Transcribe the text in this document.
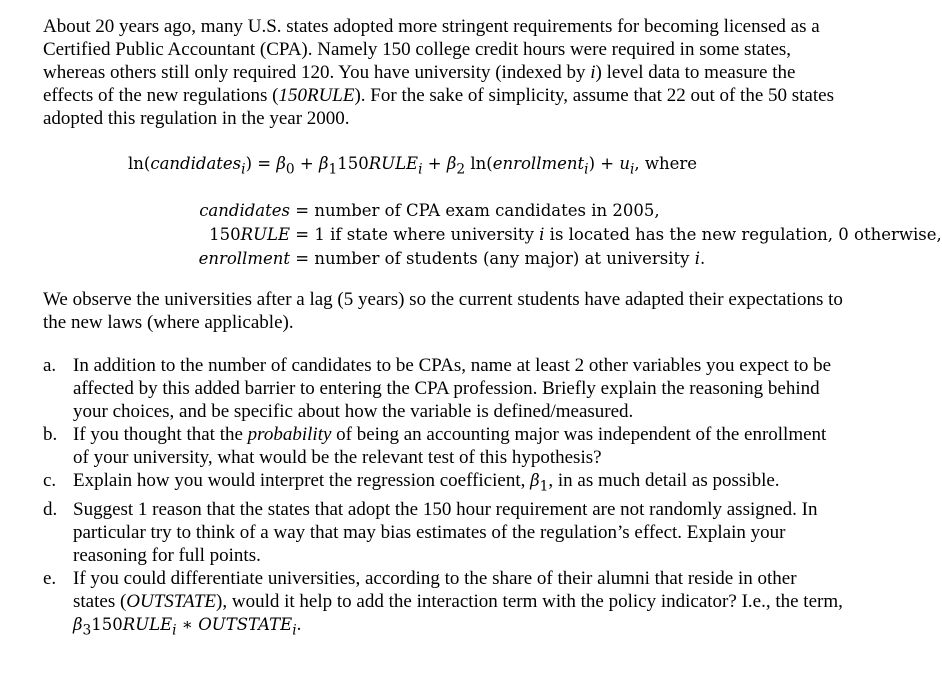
About 20 years ago, many U.S. states adopted more stringent requirements for becoming licensed as a Certified Public Accountant (CPA). Namely 150 college credit hours were required in some states, whereas others still only required 120. You have university (indexed by i) level data to measure the effects of the new regulations (150RULE). For the sake of simplicity, assume that 22 out of the 50 states adopted this regulation in the year 2000.
ln(candidates$_i$) = $\beta_0$ + $\beta_1150RULE_i + \beta_2$ ln(enrollment$_i$) + $u_i$, where
candidates = number of CPA exam candidates in 2005,
150RULE = 1 if state where university i is located has the new regulation, 0 otherwise,
enrollment = number of students (any major) at university i.
We observe the universities after a lag (5 years) so the current students have adapted their expectations to the new laws (where applicable).
a. In addition to the number of candidates to be CPAs, name at least 2 other variables you expect to be affected by this added barrier to entering the CPA profession. Briefly explain the reasoning behind your choices, and be specific about how the variable is defined/measured.
b. If you thought that the probability of being an accounting major was independent of the enrollment of your university, what would be the relevant test of this hypothesis?
c. Explain how you would interpret the regression coefficient, $\beta_1$, in as much detail as possible.
d. Suggest 1 reason that the states that adopt the 150 hour requirement are not randomly assigned. In particular try to think of a way that may bias estimates of the regulation’s effect. Explain your reasoning for full points.
e. If you could differentiate universities, according to the share of their alumni that reside in other states (OUTSTATE), would it help to add the interaction term with the policy indicator? I.e., the term, $\beta_3150RULE_i$ ∗ $OUTSTATE_i$.
